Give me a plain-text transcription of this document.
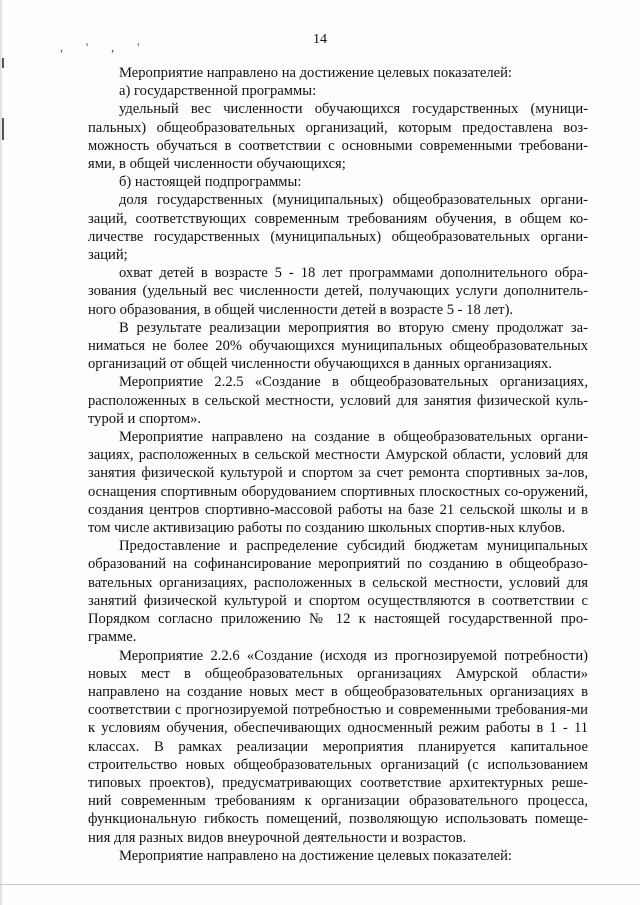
, ' , '	14

Мероприятие направлено на достижение целевых показателей:

а) государственной программы:

удельный вес численности обучающихся государственных (муници-пальных) общеобразовательных организаций, которым предоставлена воз-можность обучаться в соответствии с основными современными требовани-ями, в общей численности обучающихся;

б) настоящей подпрограммы:

доля государственных (муниципальных) общеобразовательных органи-заций, соответствующих современным требованиям обучения, в общем ко-личестве государственных (муниципальных) общеобразовательных органи-заций;

охват детей в возрасте 5 - 18 лет программами дополнительного обра-зования (удельный вес численности детей, получающих услуги дополнитель-ного образования, в общей численности детей в возрасте 5 - 18 лет).

В результате реализации мероприятия во вторую смену продолжат за-ниматься не более 20% обучающихся муниципальных общеобразовательных организаций от общей численности обучающихся в данных организациях.

Мероприятие 2.2.5 «Создание в общеобразовательных организациях, расположенных в сельской местности, условий для занятия физической куль-турой и спортом».

Мероприятие направлено на создание в общеобразовательных органи-зациях, расположенных в сельской местности Амурской области, условий для занятия физической культурой и спортом за счет ремонта спортивных за-лов, оснащения спортивным оборудованием спортивных плоскостных со-оружений, создания центров спортивно-массовой работы на базе 21 сельской школы и в том числе активизацию работы по созданию школьных спортив-ных клубов.

Предоставление и распределение субсидий бюджетам муниципальных образований на софинансирование мероприятий по созданию в общеобразо-вательных организациях, расположенных в сельской местности, условий для занятий физической культурой и спортом осуществляются в соответствии с Порядком согласно приложению № 12 к настоящей государственной про-грамме.

Мероприятие 2.2.6 «Создание (исходя из прогнозируемой потребности) новых мест в общеобразовательных организациях Амурской области» направлено на создание новых мест в общеобразовательных организациях в соответствии с прогнозируемой потребностью и современными требования-ми к условиям обучения, обеспечивающих односменный режим работы в 1 - 11 классах. В рамках реализации мероприятия планируется капитальное строительство новых общеобразовательных организаций (с использованием типовых проектов), предусматривающих соответствие архитектурных реше-ний современным требованиям к организации образовательного процесса, функциональную гибкость помещений, позволяющую использовать помеще-ния для разных видов внеурочной деятельности и возрастов.

Мероприятие направлено на достижение целевых показателей:
